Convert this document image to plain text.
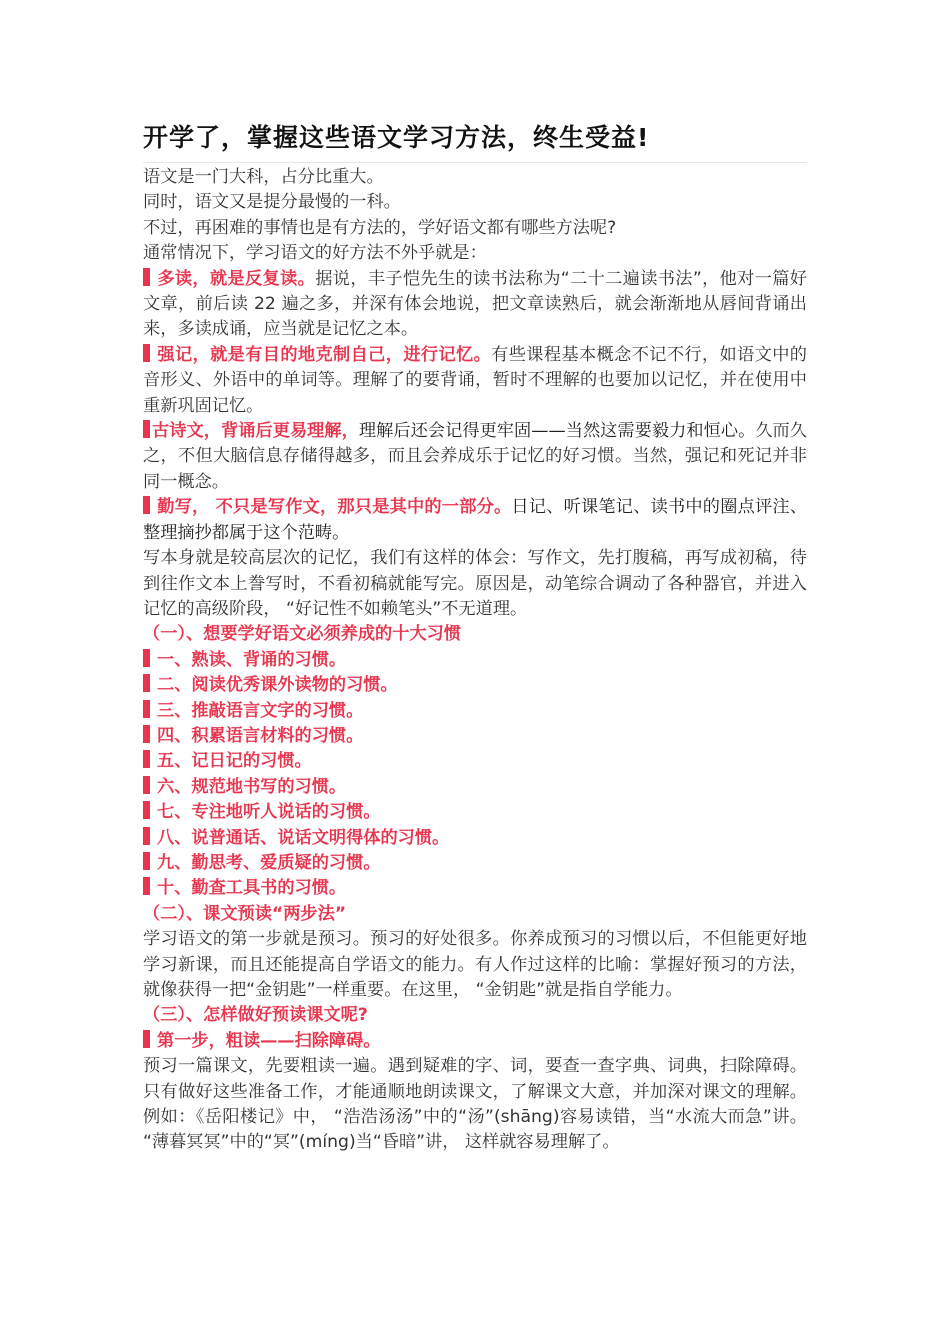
开学了，掌握这些语文学习方法，终生受益!

语文是一门大科，占分比重大。

同时，语文又是提分最慢的一科。

不过，再困难的事情也是有方法的，学好语文都有哪些方法呢?

通常情况下，学习语文的好方法不外乎就是：

多读，就是反复读。据说，丰子恺先生的读书法称为“二十二遍读书法”，他对一篇好文章，前后读 22 遍之多，并深有体会地说，把文章读熟后，就会渐渐地从唇间背诵出来，多读成诵，应当就是记忆之本。

强记，就是有目的地克制自己，进行记忆。有些课程基本概念不记不行，如语文中的音形义、外语中的单词等。理解了的要背诵，暂时不理解的也要加以记忆，并在使用中重新巩固记忆。

古诗文，背诵后更易理解，理解后还会记得更牢固——当然这需要毅力和恒心。久而久之，不但大脑信息存储得越多，而且会养成乐于记忆的好习惯。当然，强记和死记并非同一概念。

勤写， 不只是写作文，那只是其中的一部分。日记、听课笔记、读书中的圈点评注、整理摘抄都属于这个范畴。

写本身就是较高层次的记忆，我们有这样的体会：写作文，先打腹稿，再写成初稿，待到往作文本上誊写时，不看初稿就能写完。原因是，动笔综合调动了各种器官，并进入记忆的高级阶段， “好记性不如赖笔头”不无道理。

（一）、想要学好语文必须养成的十大习惯

一、熟读、背诵的习惯。

二、阅读优秀课外读物的习惯。

三、推敲语言文字的习惯。

四、积累语言材料的习惯。

五、记日记的习惯。

六、规范地书写的习惯。

七、专注地听人说话的习惯。

八、说普通话、说话文明得体的习惯。

九、勤思考、爱质疑的习惯。

十、勤查工具书的习惯。

（二）、课文预读“两步法”

学习语文的第一步就是预习。预习的好处很多。你养成预习的习惯以后，不但能更好地学习新课，而且还能提高自学语文的能力。有人作过这样的比喻：掌握好预习的方法，就像获得一把“金钥匙”一样重要。在这里， “金钥匙”就是指自学能力。

（三）、怎样做好预读课文呢?

第一步，粗读——扫除障碍。

预习一篇课文，先要粗读一遍。遇到疑难的字、词，要查一查字典、词典，扫除障碍。只有做好这些准备工作，才能通顺地朗读课文，了解课文大意，并加深对课文的理解。例如：《岳阳楼记》中， “浩浩汤汤”中的“汤”(shāng)容易读错，当“水流大而急”讲。 “薄暮冥冥”中的“冥”(míng)当“昏暗”讲， 这样就容易理解了。
